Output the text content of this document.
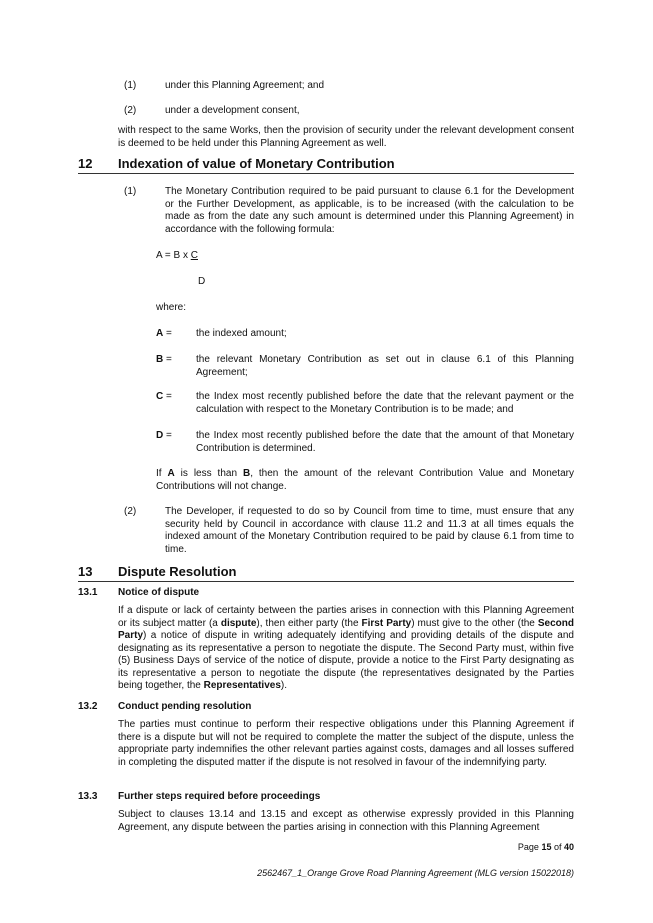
(1)	under this Planning Agreement; and
(2)	under a development consent,
with respect to the same Works, then the provision of security under the relevant development consent is deemed to be held under this Planning Agreement as well.
12 Indexation of value of Monetary Contribution
(1)	The Monetary Contribution required to be paid pursuant to clause 6.1 for the Development or the Further Development, as applicable, is to be increased (with the calculation to be made as from the date any such amount is determined under this Planning Agreement) in accordance with the following formula:
A = B x C
D
where:
A = the indexed amount;
B = the relevant Monetary Contribution as set out in clause 6.1 of this Planning Agreement;
C = the Index most recently published before the date that the relevant payment or the calculation with respect to the Monetary Contribution is to be made; and
D = the Index most recently published before the date that the amount of that Monetary Contribution is determined.
If A is less than B, then the amount of the relevant Contribution Value and Monetary Contributions will not change.
(2)	The Developer, if requested to do so by Council from time to time, must ensure that any security held by Council in accordance with clause 11.2 and 11.3 at all times equals the indexed amount of the Monetary Contribution required to be paid by clause 6.1 from time to time.
13 Dispute Resolution
13.1 Notice of dispute
If a dispute or lack of certainty between the parties arises in connection with this Planning Agreement or its subject matter (a dispute), then either party (the First Party) must give to the other (the Second Party) a notice of dispute in writing adequately identifying and providing details of the dispute and designating as its representative a person to negotiate the dispute. The Second Party must, within five (5) Business Days of service of the notice of dispute, provide a notice to the First Party designating as its representative a person to negotiate the dispute (the representatives designated by the Parties being together, the Representatives).
13.2 Conduct pending resolution
The parties must continue to perform their respective obligations under this Planning Agreement if there is a dispute but will not be required to complete the matter the subject of the dispute, unless the appropriate party indemnifies the other relevant parties against costs, damages and all losses suffered in completing the disputed matter if the dispute is not resolved in favour of the indemnifying party.
13.3 Further steps required before proceedings
Subject to clauses 13.14 and 13.15 and except as otherwise expressly provided in this Planning Agreement, any dispute between the parties arising in connection with this Planning Agreement
Page 15 of 40
2562467_1_Orange Grove Road Planning Agreement (MLG version 15022018)
